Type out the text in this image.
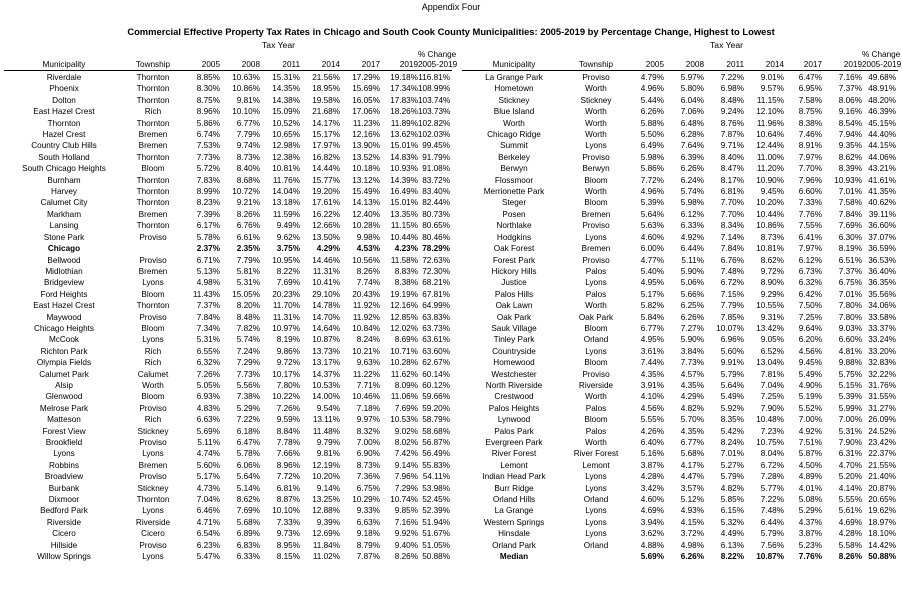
Appendix Four
Commercial Effective Property Tax Rates in Chicago and South Cook County Municipalities: 2005-2019 by Percentage Change, Highest to Lowest
Tax Year	Tax Year
								% Change
Municipality	Township	2005	2008	2011	2014	2017	2019	2005-2019
Riverdale	Thornton	8.85%	10.63%	15.31%	21.56%	17.29%	19.18%	116.81%
Phoenix	Thornton	8.30%	10.86%	14.35%	18.95%	15.69%	17.34%	108.99%
Dolton	Thornton	8.75%	9.81%	14.38%	19.58%	16.05%	17.83%	103.74%
East Hazel Crest	Rich	8.96%	10.10%	15.09%	21.68%	17.06%	18.26%	103.73%
Thornton	Thornton	5.86%	6.77%	10.52%	14.17%	11.23%	11.89%	102.82%
Hazel Crest	Bremen	6.74%	7.79%	10.65%	15.17%	12.16%	13.62%	102.03%
Country Club Hills	Bremen	7.53%	9.74%	12.98%	17.97%	13.90%	15.01%	99.45%
South Holland	Thornton	7.73%	8.73%	12.38%	16.82%	13.52%	14.83%	91.79%
South Chicago Heights	Bloom	5.72%	8.40%	10.81%	14.44%	10.18%	10.93%	91.08%
Burnham	Thornton	7.83%	8.68%	11.76%	15.77%	13.12%	14.39%	83.72%
Harvey	Thornton	8.99%	10.72%	14.04%	19.20%	15.49%	16.49%	83.40%
Calumet City	Thornton	8.23%	9.21%	13.18%	17.61%	14.13%	15.01%	82.44%
Markham	Bremen	7.39%	8.26%	11.59%	16.22%	12.40%	13.35%	80.73%
Lansing	Thornton	6.17%	6.76%	9.49%	12.66%	10.28%	11.15%	80.65%
Stone Park	Proviso	5.78%	6.61%	9.62%	13.50%	9.98%	10.44%	80.46%
Chicago		2.37%	2.35%	3.75%	4.29%	4.53%	4.23%	78.29%
Bellwood	Proviso	6.71%	7.79%	10.95%	14.46%	10.56%	11.58%	72.63%
Midlothian	Bremen	5.13%	5.81%	8.22%	11.31%	8.26%	8.83%	72.30%
Bridgeview	Lyons	4.98%	5.31%	7.69%	10.41%	7.74%	8.38%	68.21%
Ford Heights	Bloom	11.43%	15.05%	20.23%	29.10%	20.43%	19.19%	67.81%
East Hazel Crest	Thornton	7.37%	8.20%	11.70%	14.78%	11.92%	12.16%	64.99%
Maywood	Proviso	7.84%	8.48%	11.31%	14.70%	11.92%	12.85%	63.83%
Chicago Heights	Bloom	7.34%	7.82%	10.97%	14.64%	10.84%	12.02%	63.73%
McCook	Lyons	5.31%	5.74%	8.19%	10.87%	8.24%	8.69%	63.61%
Richton Park	Rich	6.55%	7.24%	9.86%	13.73%	10.21%	10.71%	63.60%
Olympia Fields	Rich	6.32%	7.29%	9.72%	13.17%	9.63%	10.28%	62.67%
Calumet Park	Calumet	7.26%	7.73%	10.17%	14.37%	11.22%	11.62%	60.14%
Alsip	Worth	5.05%	5.56%	7.80%	10.53%	7.71%	8.09%	60.12%
Glenwood	Bloom	6.93%	7.38%	10.22%	14.00%	10.46%	11.06%	59.66%
Melrose Park	Proviso	4.83%	5.29%	7.26%	9.54%	7.18%	7.69%	59.20%
Matteson	Rich	6.63%	7.22%	9.59%	13.11%	9.97%	10.53%	58.79%
Forest View	Stickney	5.69%	6.18%	8.84%	11.48%	8.32%	9.02%	58.68%
Brookfield	Proviso	5.11%	6.47%	7.78%	9.79%	7.00%	8.02%	56.87%
Lyons	Lyons	4.74%	5.78%	7.66%	9.81%	6.90%	7.42%	56.49%
Robbins	Bremen	5.60%	6.06%	8.96%	12.19%	8.73%	9.14%	55.83%
Broadview	Proviso	5.17%	5.64%	7.72%	10.20%	7.36%	7.96%	54.11%
Burbank	Stickney	4.73%	5.14%	6.81%	9.14%	6.75%	7.29%	53.98%
Dixmoor	Thornton	7.04%	8.62%	8.87%	13.25%	10.29%	10.74%	52.45%
Bedford Park	Lyons	6.46%	7.69%	10.10%	12.88%	9.33%	9.85%	52.39%
Riverside	Riverside	4.71%	5.68%	7.33%	9.39%	6.63%	7.16%	51.94%
Cicero	Cicero	6.54%	6.89%	9.73%	12.69%	9.18%	9.92%	51.67%
Hillside	Proviso	6.23%	6.83%	8.95%	11.84%	8.79%	9.40%	51.05%
Willow Springs	Lyons	5.47%	6.33%	8.15%	11.02%	7.87%	8.26%	50.88%
								% Change
Municipality	Township	2005	2008	2011	2014	2017	2019	2005-2019
La Grange Park	Proviso	4.79%	5.97%	7.22%	9.01%	6.47%	7.16%	49.68%
Hometown	Worth	4.96%	5.80%	6.98%	9.57%	6.95%	7.37%	48.91%
Stickney	Stickney	5.44%	6.04%	8.48%	11.15%	7.58%	8.06%	48.20%
Blue Island	Worth	6.26%	7.06%	9.24%	12.10%	8.75%	9.16%	46.39%
Worth	Worth	5.88%	6.48%	8.76%	11.96%	8.38%	8.54%	45.15%
Chicago Ridge	Worth	5.50%	6.28%	7.87%	10.64%	7.46%	7.94%	44.40%
Summit	Lyons	6.49%	7.64%	9.71%	12.44%	8.91%	9.35%	44.15%
Berkeley	Proviso	5.98%	6.39%	8.40%	11.00%	7.97%	8.62%	44.06%
Berwyn	Berwyn	5.86%	6.26%	8.47%	11.20%	7.70%	8.39%	43.21%
Flossmoor	Bloom	7.72%	6.24%	8.17%	10.90%	7.96%	10.93%	41.61%
Merrionette Park	Worth	4.96%	5.74%	6.81%	9.45%	6.60%	7.01%	41.35%
Steger	Bloom	5.39%	5.98%	7.70%	10.20%	7.33%	7.58%	40.62%
Posen	Bremen	5.64%	6.12%	7.70%	10.44%	7.76%	7.84%	39.11%
Northlake	Proviso	5.63%	6.33%	8.34%	10.86%	7.55%	7.69%	36.60%
Hodgkins	Lyons	4.60%	4.92%	7.14%	8.73%	6.41%	6.30%	37.07%
Oak Forest	Bremen	6.00%	6.44%	7.84%	10.81%	7.97%	8.19%	36.59%
Forest Park	Proviso	4.77%	5.11%	6.76%	8.62%	6.12%	6.51%	36.53%
Hickory Hills	Palos	5.40%	5.90%	7.48%	9.72%	6.73%	7.37%	36.40%
Justice	Lyons	4.95%	5.06%	6.72%	8.90%	6.32%	6.75%	36.35%
Palos Hills	Palos	5.17%	5.66%	7.15%	9.29%	6.42%	7.01%	35.56%
Oak Lawn	Worth	5.82%	6.25%	7.79%	10.55%	7.50%	7.80%	34.06%
Oak Park	Oak Park	5.84%	6.26%	7.85%	9.31%	7.25%	7.80%	33.58%
Sauk Village	Bloom	6.77%	7.27%	10.07%	13.42%	9.64%	9.03%	33.37%
Tinley Park	Orland	4.95%	5.90%	6.96%	9.05%	6.20%	6.60%	33.24%
Countryside	Lyons	3.61%	3.84%	5.60%	6.52%	4.56%	4.81%	33.20%
Homewood	Bloom	7.44%	7.73%	9.91%	13.04%	9.45%	9.88%	32.83%
Westchester	Proviso	4.35%	4.57%	5.79%	7.81%	5.49%	5.75%	32.22%
North Riverside	Riverside	3.91%	4.35%	5.64%	7.04%	4.90%	5.15%	31.76%
Crestwood	Worth	4.10%	4.29%	5.49%	7.25%	5.19%	5.39%	31.55%
Palos Heights	Palos	4.56%	4.82%	5.92%	7.90%	5.52%	5.99%	31.27%
Lynwood	Bloom	5.55%	5.70%	8.35%	10.48%	7.00%	7.00%	26.09%
Palos Park	Palos	4.26%	4.35%	5.42%	7.23%	4.92%	5.31%	24.52%
Evergreen Park	Worth	6.40%	6.77%	8.24%	10.75%	7.51%	7.90%	23.42%
River Forest	River Forest	5.16%	5.68%	7.01%	8.04%	5.87%	6.31%	22.37%
Lemont	Lemont	3.87%	4.17%	5.27%	6.72%	4.50%	4.70%	21.55%
Indian Head Park	Lyons	4.28%	4.47%	5.79%	7.28%	4.89%	5.20%	21.40%
Burr Ridge	Lyons	3.42%	3.57%	4.82%	5.77%	4.01%	4.14%	20.87%
Orland Hills	Orland	4.60%	5.12%	5.85%	7.22%	5.08%	5.55%	20.65%
La Grange	Lyons	4.69%	4.93%	6.15%	7.48%	5.29%	5.61%	19.62%
Western Springs	Lyons	3.94%	4.15%	5.32%	6.44%	4.37%	4.69%	18.97%
Hinsdale	Lyons	3.62%	3.72%	4.49%	5.79%	3.87%	4.28%	18.10%
Orland Park	Orland	4.88%	4.98%	6.13%	7.56%	5.23%	5.58%	14.42%
Median		5.69%	6.26%	8.22%	10.87%	7.76%	8.26%	50.88%
